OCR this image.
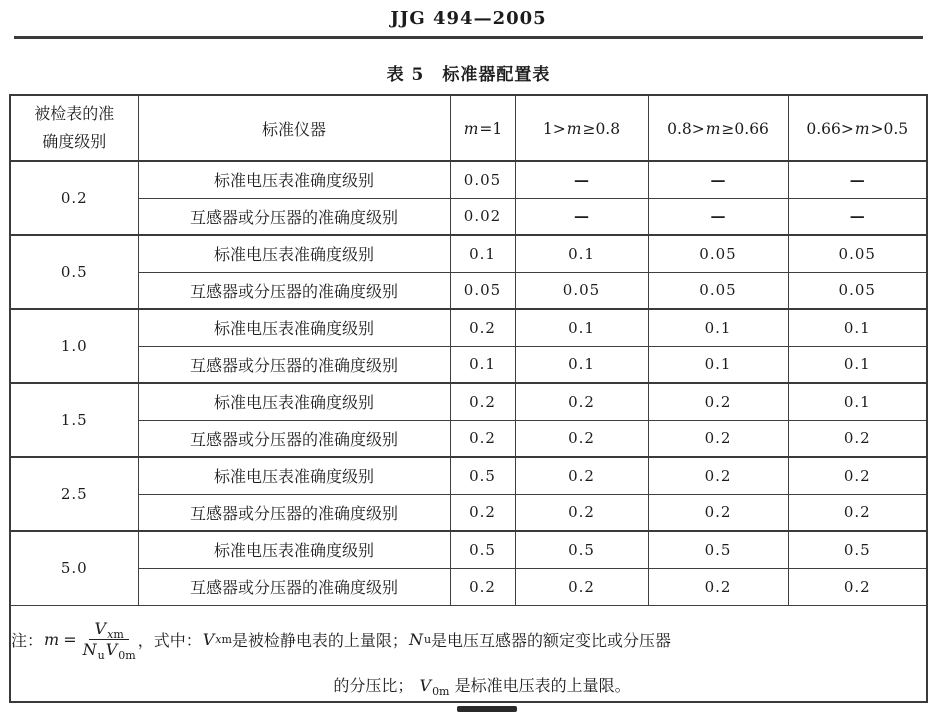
JJG 494—2005
表 5　标准器配置表
被检表的准
确度级别	标准仪器	m=1	1>m≥0.8	0.8>m≥0.66	0.66>m>0.5
0.2	标准电压表准确度级别	0.05	—	—	—
	互感器或分压器的准确度级别	0.02	—	—	—
0.5	标准电压表准确度级别	0.1	0.1	0.05	0.05
	互感器或分压器的准确度级别	0.05	0.05	0.05	0.05
1.0	标准电压表准确度级别	0.2	0.1	0.1	0.1
	互感器或分压器的准确度级别	0.1	0.1	0.1	0.1
1.5	标准电压表准确度级别	0.2	0.2	0.2	0.1
	互感器或分压器的准确度级别	0.2	0.2	0.2	0.2
2.5	标准电压表准确度级别	0.5	0.2	0.2	0.2
	互感器或分压器的准确度级别	0.2	0.2	0.2	0.2
5.0	标准电压表准确度级别	0.5	0.5	0.5	0.5
	互感器或分压器的准确度级别	0.2	0.2	0.2	0.2

注： $m = \frac{V_{xm}}{N_uV_{0m}}$ ，式中： V xm 是被检静电表的上量限； N u 是电压互感器的额定变比或分压器
的分压比； $V_{0m}$ 是标准电压表的上量限。
